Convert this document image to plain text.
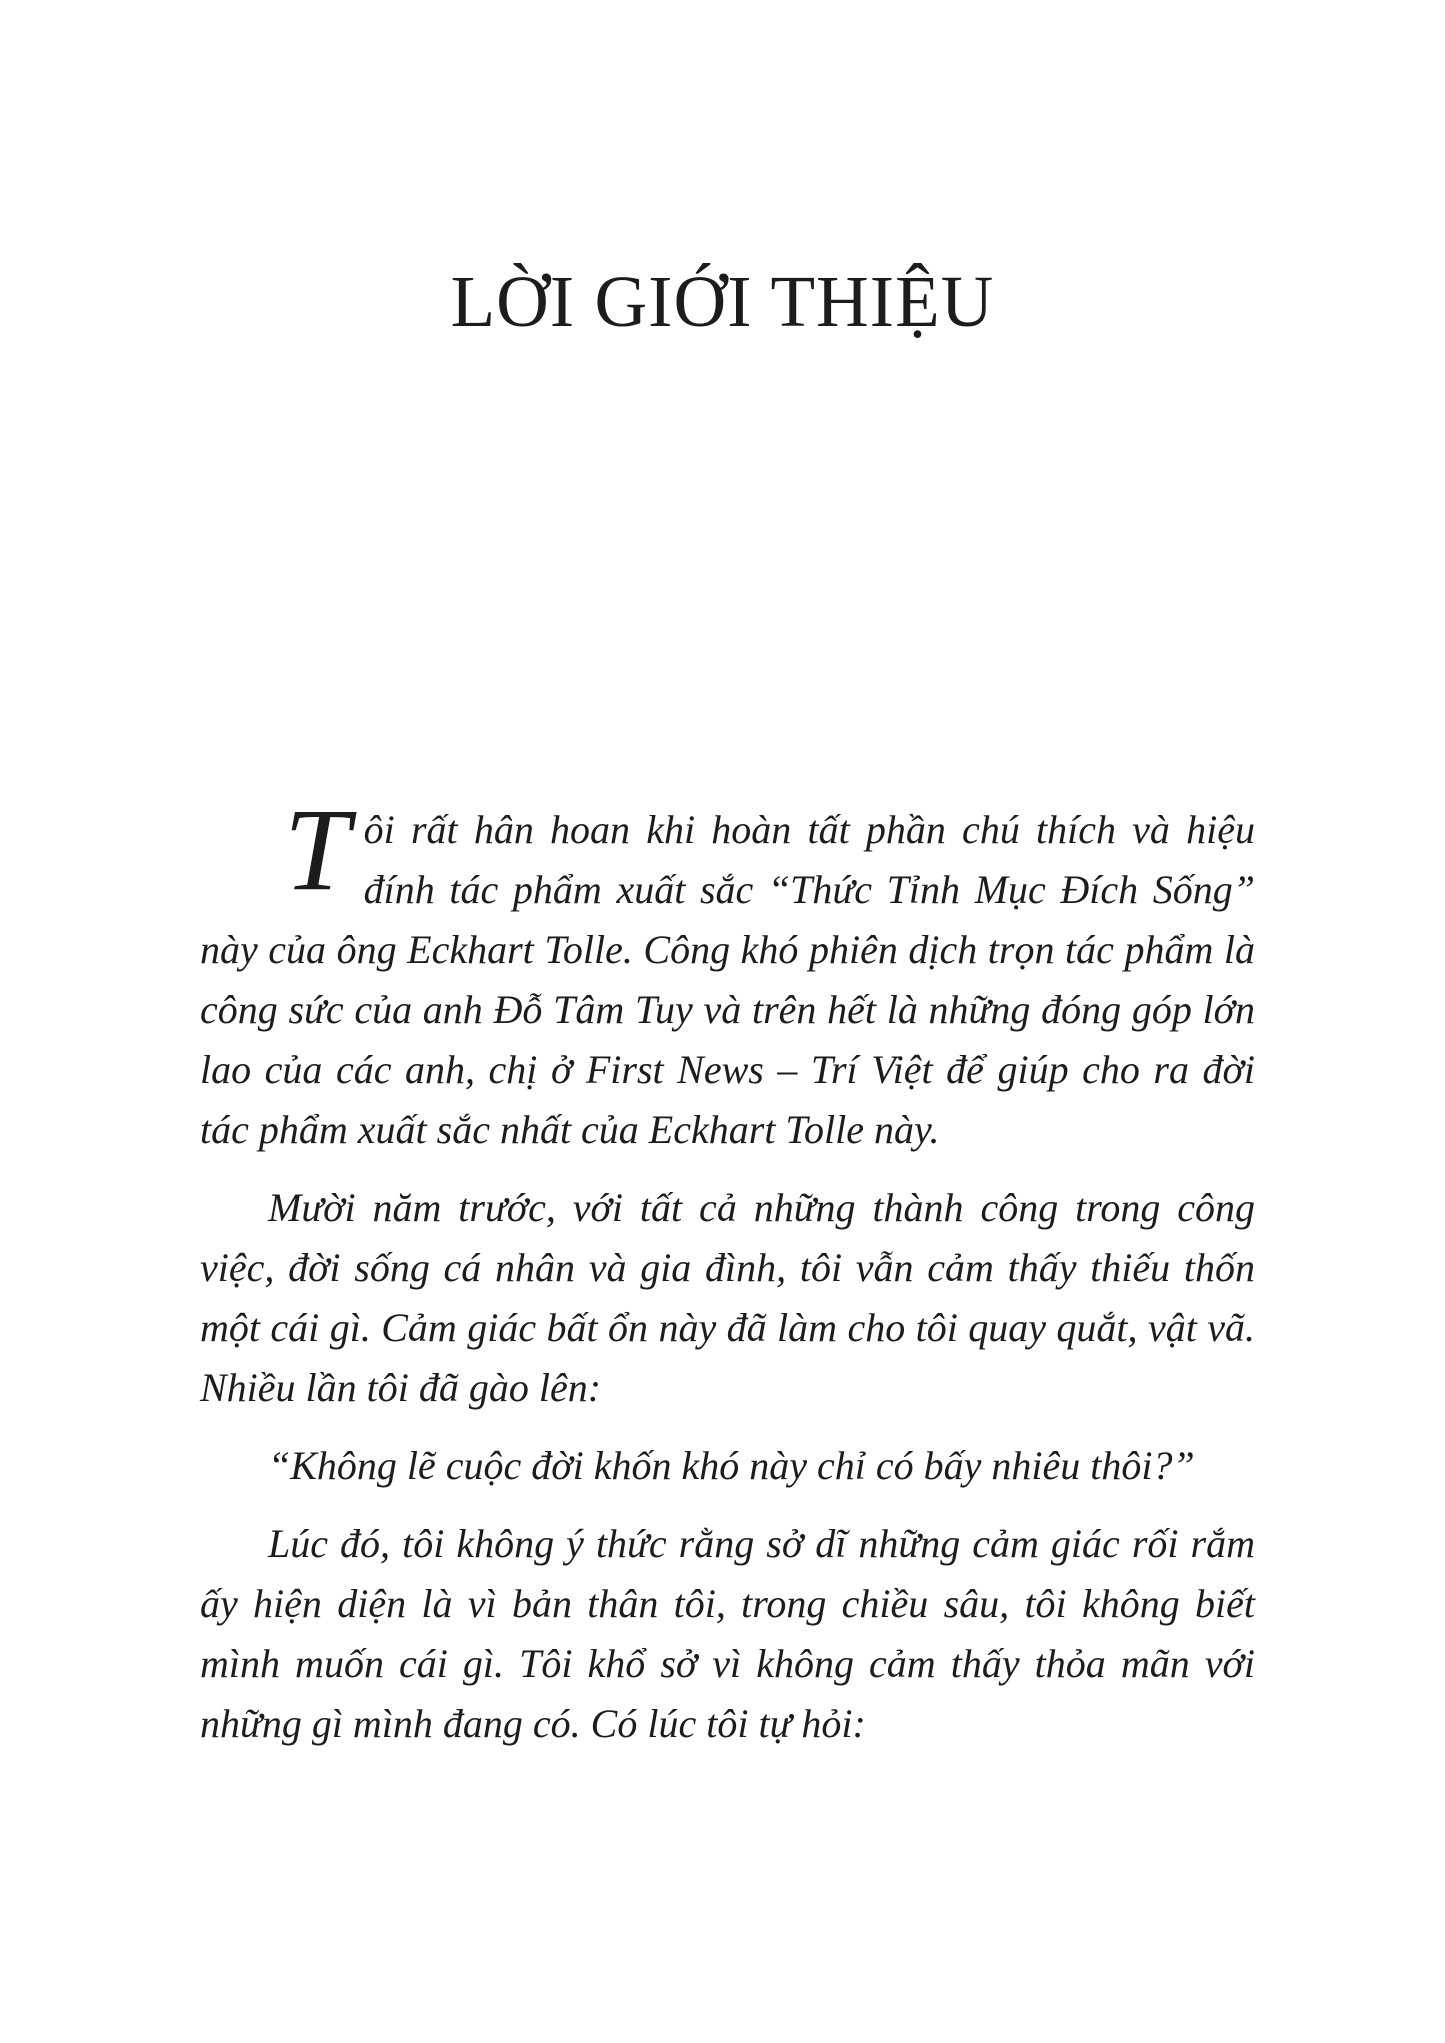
LỜI GIỚI THIỆU

Tôi rất hân hoan khi hoàn tất phần chú thích và hiệu đính tác phẩm xuất sắc “Thức Tỉnh Mục Đích Sống” này của ông Eckhart Tolle. Công khó phiên dịch trọn tác phẩm là công sức của anh Đỗ Tâm Tuy và trên hết là những đóng góp lớn lao của các anh, chị ở First News – Trí Việt để giúp cho ra đời tác phẩm xuất sắc nhất của Eckhart Tolle này.

Mười năm trước, với tất cả những thành công trong công việc, đời sống cá nhân và gia đình, tôi vẫn cảm thấy thiếu thốn một cái gì. Cảm giác bất ổn này đã làm cho tôi quay quắt, vật vã. Nhiều lần tôi đã gào lên:

“Không lẽ cuộc đời khốn khó này chỉ có bấy nhiêu thôi?”

Lúc đó, tôi không ý thức rằng sở dĩ những cảm giác rối rắm ấy hiện diện là vì bản thân tôi, trong chiều sâu, tôi không biết mình muốn cái gì. Tôi khổ sở vì không cảm thấy thỏa mãn với những gì mình đang có. Có lúc tôi tự hỏi:
